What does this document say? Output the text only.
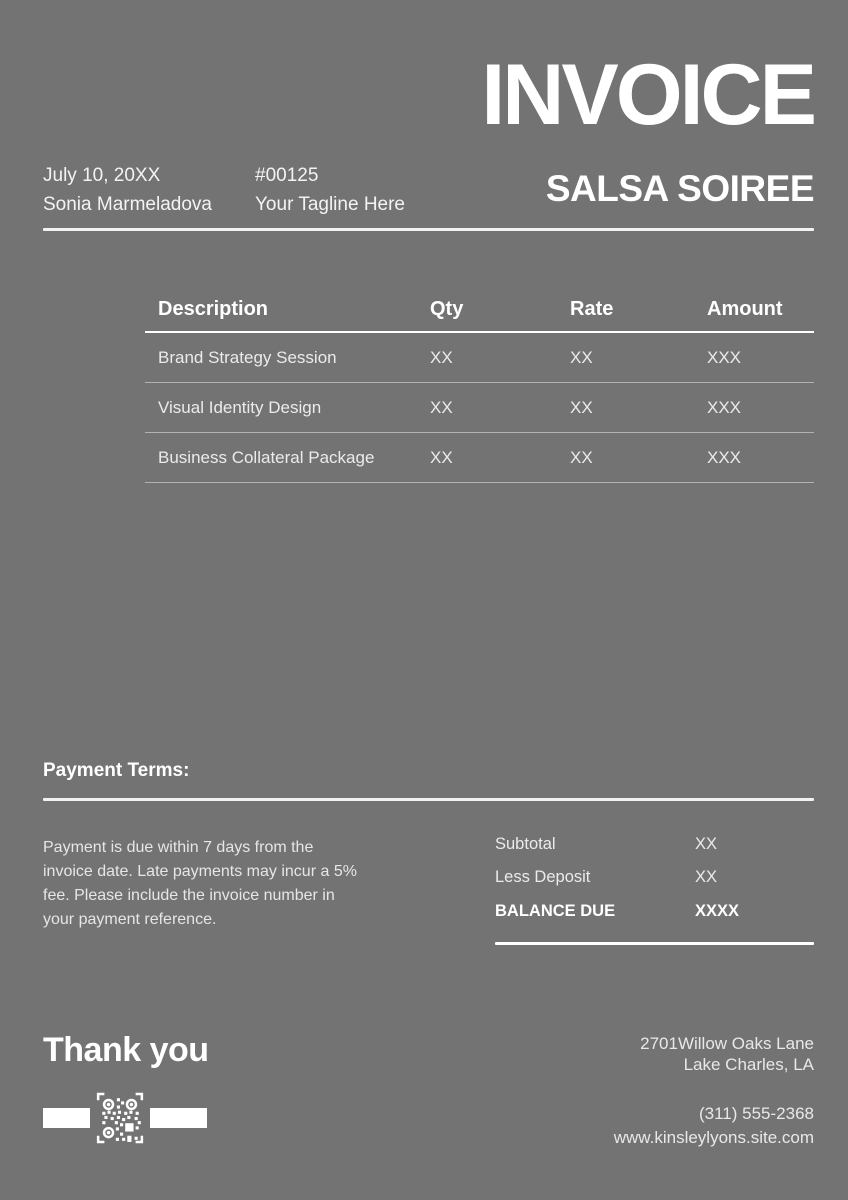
INVOICE
SALSA SOIREE
July 10, 20XX
Sonia Marmeladova
#00125
Your Tagline Here
Description	Qty	Rate	Amount
Brand Strategy Session	XX	XX	XXX
Visual Identity Design	XX	XX	XXX
Business Collateral Package	XX	XX	XXX
Payment Terms:
Payment is due within 7 days from the
invoice date. Late payments may incur a 5%
fee. Please include the invoice number in
your payment reference.
Subtotal	XX
Less Deposit	XX
BALANCE DUE	XXXX
Thank you	2701Willow Oaks Lane
Lake Charles, LA
(311) 555-2368
www.kinsleylyons.site.com
